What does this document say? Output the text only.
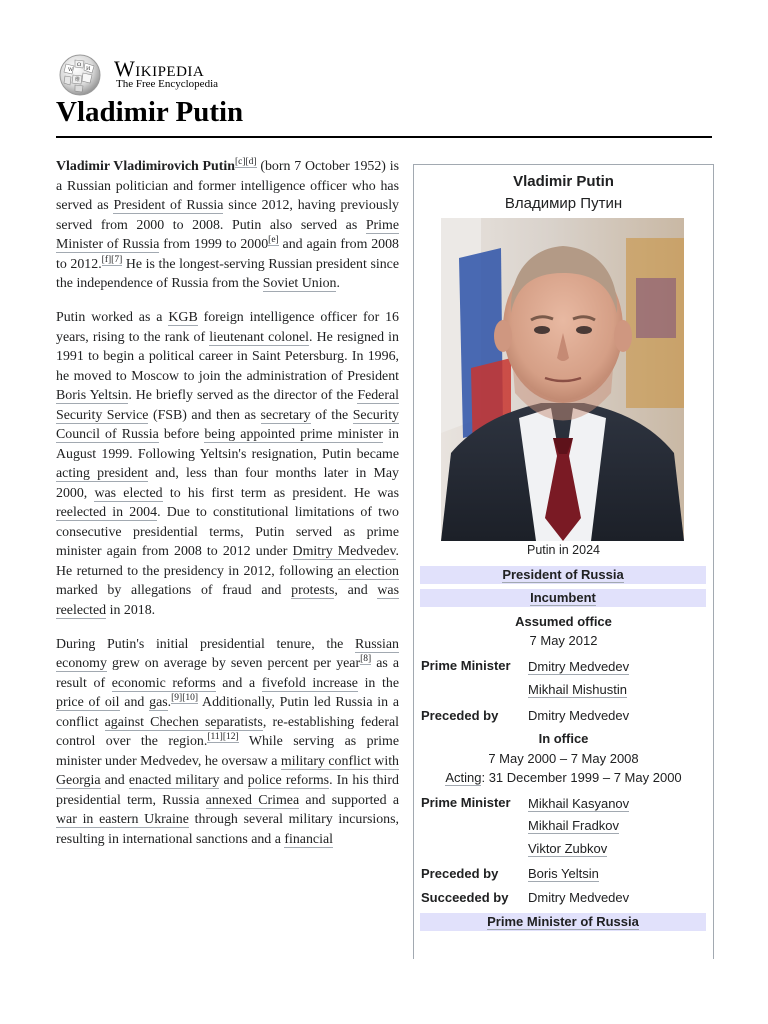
W
Ω
И
维 Wikipedia
The Free Encyclopedia
Vladimir Putin

Vladimir Vladimirovich Putin[c][d] (born 7 October 1952) is a Russian politician and former intelligence officer who has served as President of Russia since 2012, having previously served from 2000 to 2008. Putin also served as Prime Minister of Russia from 1999 to 2000[e] and again from 2008 to 2012.[f][7] He is the longest-serving Russian president since the independence of Russia from the Soviet Union.

Putin worked as a KGB foreign intelligence officer for 16 years, rising to the rank of lieutenant colonel. He resigned in 1991 to begin a political career in Saint Petersburg. In 1996, he moved to Moscow to join the administration of President Boris Yeltsin. He briefly served as the director of the Federal Security Service (FSB) and then as secretary of the Security Council of Russia before being appointed prime minister in August 1999. Following Yeltsin's resignation, Putin became acting president and, less than four months later in May 2000, was elected to his first term as president. He was reelected in 2004. Due to constitutional limitations of two consecutive presidential terms, Putin served as prime minister again from 2008 to 2012 under Dmitry Medvedev. He returned to the presidency in 2012, following an election marked by allegations of fraud and protests, and was reelected in 2018.

During Putin's initial presidential tenure, the Russian economy grew on average by seven percent per year[8] as a result of economic reforms and a fivefold increase in the price of oil and gas.[9][10] Additionally, Putin led Russia in a conflict against Chechen separatists, re-establishing federal control over the region.[11][12] While serving as prime minister under Medvedev, he oversaw a military conflict with Georgia and enacted military and police reforms. In his third presidential term, Russia annexed Crimea and supported a war in eastern Ukraine through several military incursions, resulting in international sanctions and a financial

Vladimir Putin
Владимир Путин
Putin in 2024
President of Russia
Incumbent
Assumed office
7 May 2012
Prime Minister Dmitry Medvedev
Mikhail Mishustin
Preceded by Dmitry Medvedev
In office
7 May 2000 – 7 May 2008
Acting: 31 December 1999 – 7 May 2000
Prime Minister Mikhail Kasyanov
Mikhail Fradkov
Viktor Zubkov
Preceded by Boris Yeltsin
Succeeded by Dmitry Medvedev
Prime Minister of Russia
